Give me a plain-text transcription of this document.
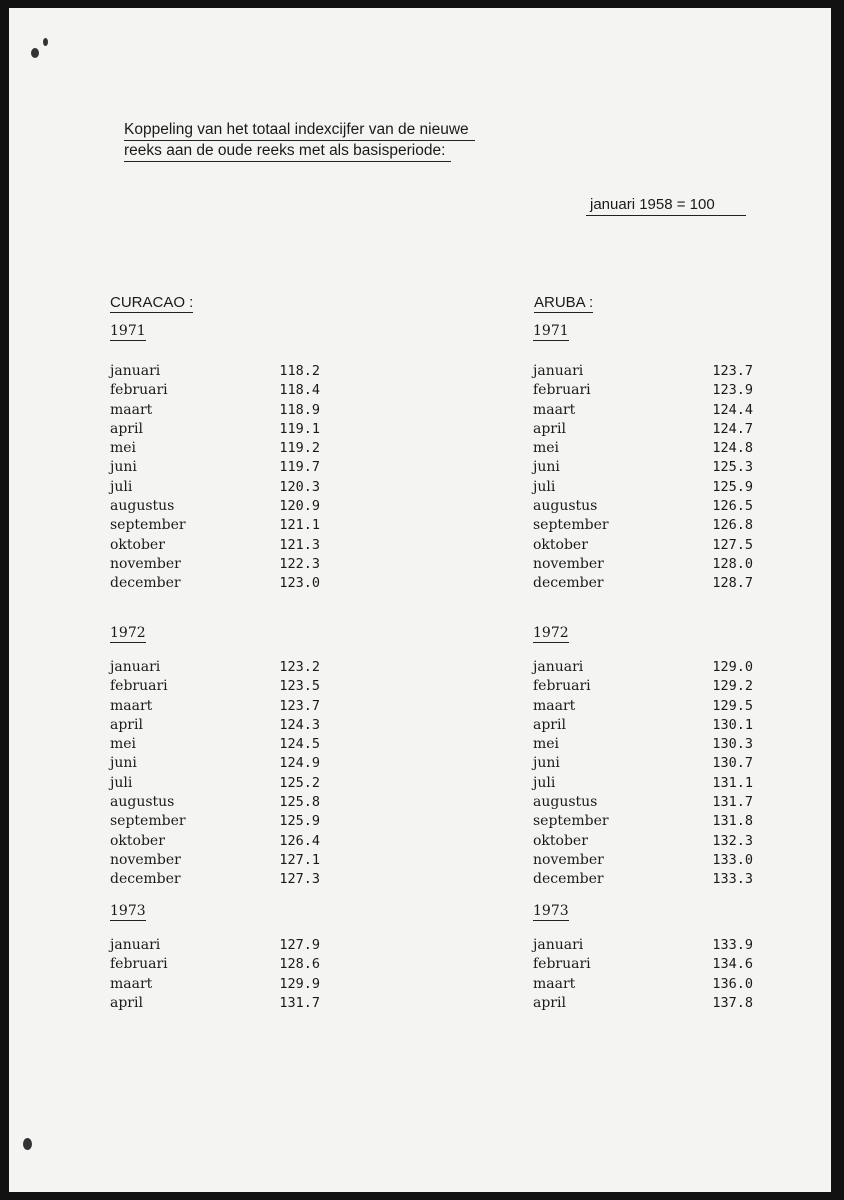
Koppeling van het totaal indexcijfer van de nieuwe
reeks aan de oude reeks met als basisperiode:
januari 1958 = 100
CURACAO :	ARUBA :
1971
januari	118.2
februari	118.4
maart	118.9
april	119.1
mei	119.2
juni	119.7
juli	120.3
augustus	120.9
september	121.1
oktober	121.3
november	122.3
december	123.0
1972
januari	123.2
februari	123.5
maart	123.7
april	124.3
mei	124.5
juni	124.9
juli	125.2
augustus	125.8
september	125.9
oktober	126.4
november	127.1
december	127.3
1973
januari	127.9
februari	128.6
maart	129.9
april	131.7
1971
januari	123.7
februari	123.9
maart	124.4
april	124.7
mei	124.8
juni	125.3
juli	125.9
augustus	126.5
september	126.8
oktober	127.5
november	128.0
december	128.7
1972
januari	129.0
februari	129.2
maart	129.5
april	130.1
mei	130.3
juni	130.7
juli	131.1
augustus	131.7
september	131.8
oktober	132.3
november	133.0
december	133.3
1973
januari	133.9
februari	134.6
maart	136.0
april	137.8
